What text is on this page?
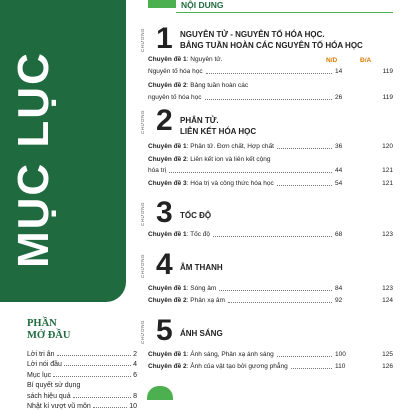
MỤC LỤC
PHẦN
MỞ ĐẦU
Lời tri ân	2
Lời nói đầu	4
Mục lục	6
Bí quyết sử dụng
sách hiệu quả	8
Nhật kí vượt vũ môn	10
NỘI DUNG
CHƯƠNG 1 NGUYÊN TỬ - NGUYÊN TỐ HÓA HỌC.
BẢNG TUẦN HOÀN CÁC NGUYÊN TỐ HÓA HỌC
N/D	Đ/A
Chuyên đề 1: Nguyên tử.
Nguyên tố hóa học	14	119
Chuyên đề 2: Bảng tuần hoàn các
nguyên tố hóa học	26	119
CHƯƠNG 2 PHÂN TỬ.
LIÊN KẾT HÓA HỌC
Chuyên đề 1: Phân tử. Đơn chất, Hợp chất	36	120
Chuyên đề 2: Liên kết ion và liên kết cộng
hóa trị	44	121
Chuyên đề 3: Hóa trị và công thức hóa học	54	121
CHƯƠNG 3 TỐC ĐỘ
Chuyên đề 1: Tốc độ	68	123
CHƯƠNG 4 ÂM THANH
Chuyên đề 1: Sóng âm	84	123
Chuyên đề 2: Phản xạ âm	92	124
CHƯƠNG 5 ÁNH SÁNG
Chuyên đề 1: Ánh sáng, Phản xạ ánh sáng	100	125
Chuyên đề 2: Ảnh của vật tạo bởi gương phẳng	110	126
